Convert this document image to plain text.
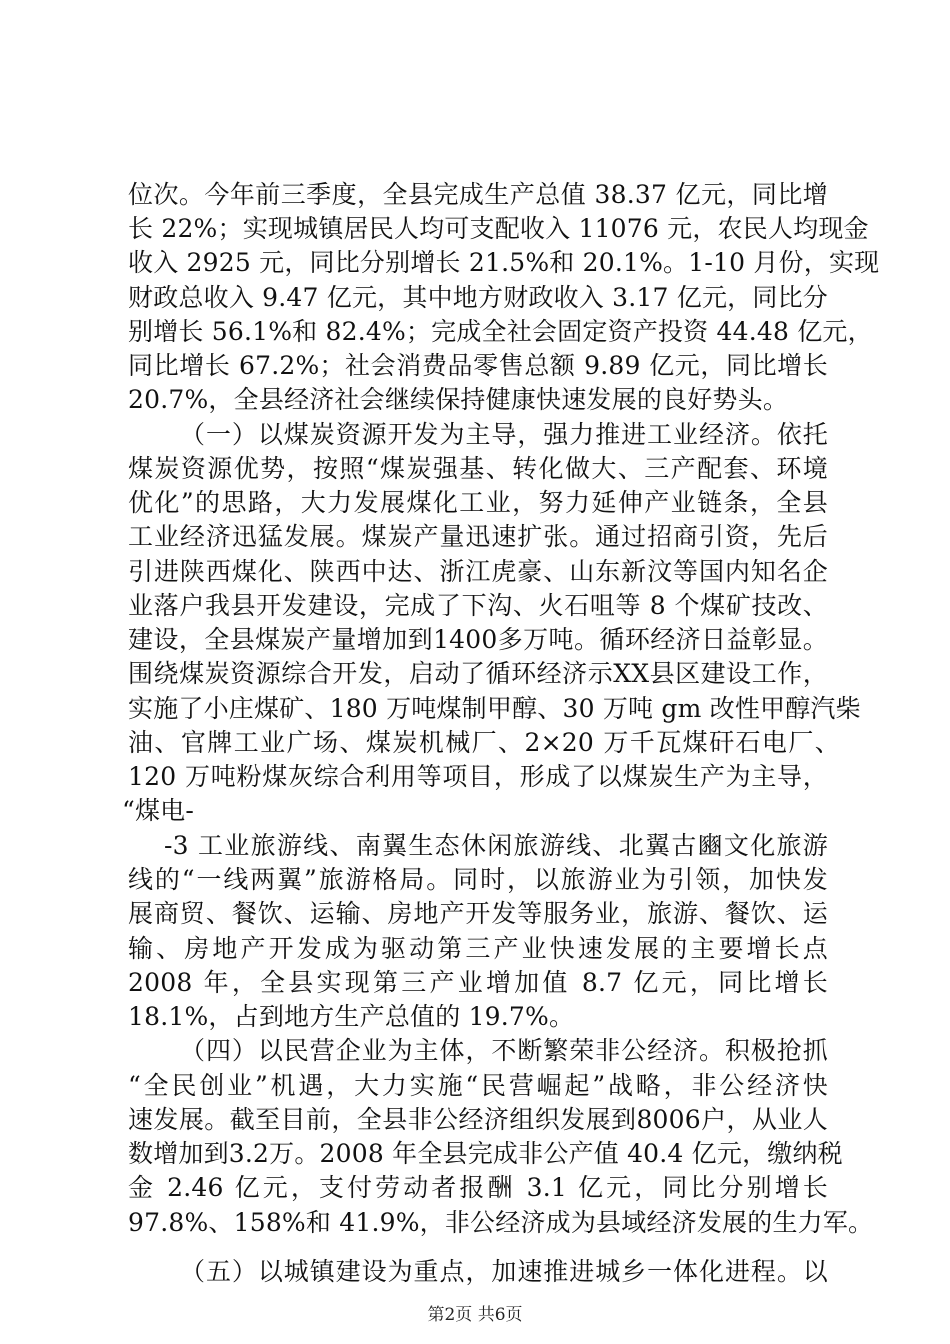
位次。今年前三季度，全县完成生产总值 38.37 亿元，同比增
长 22%；实现城镇居民人均可支配收入 11076 元，农民人均现金
收入 2925 元，同比分别增长 21.5%和 20.1%。1-10 月份，实现
财政总收入 9.47 亿元，其中地方财政收入 3.17 亿元，同比分
别增长 56.1%和 82.4%；完成全社会固定资产投资 44.48 亿元，
同比增长 67.2%；社会消费品零售总额 9.89 亿元，同比增长
20.7%，全县经济社会继续保持健康快速发展的良好势头。
（一）以煤炭资源开发为主导，强力推进工业经济。依托
煤炭资源优势，按照“煤炭强基、转化做大、三产配套、环境
优化”的思路，大力发展煤化工业，努力延伸产业链条，全县
工业经济迅猛发展。煤炭产量迅速扩张。通过招商引资，先后
引进陕西煤化、陕西中达、浙江虎豪、山东新汶等国内知名企
业落户我县开发建设，完成了下沟、火石咀等 8 个煤矿技改、
建设，全县煤炭产量增加到1400多万吨。循环经济日益彰显。
围绕煤炭资源综合开发，启动了循环经济示XX县区建设工作，
实施了小庄煤矿、180 万吨煤制甲醇、30 万吨 gm 改性甲醇汽柴
油、官牌工业广场、煤炭机械厂、2×20 万千瓦煤矸石电厂、
120 万吨粉煤灰综合利用等项目，形成了以煤炭生产为主导，
“煤电-
-3 工业旅游线、南翼生态休闲旅游线、北翼古豳文化旅游
线的“一线两翼”旅游格局。同时，以旅游业为引领，加快发
展商贸、餐饮、运输、房地产开发等服务业，旅游、餐饮、运
输、房地产开发成为驱动第三产业快速发展的主要增长点
2008 年，全县实现第三产业增加值 8.7 亿元，同比增长
18.1%，占到地方生产总值的 19.7%。
（四）以民营企业为主体，不断繁荣非公经济。积极抢抓
“全民创业”机遇，大力实施“民营崛起”战略，非公经济快
速发展。截至目前，全县非公经济组织发展到8006户，从业人
数增加到3.2万。2008 年全县完成非公产值 40.4 亿元，缴纳税
金 2.46 亿元，支付劳动者报酬 3.1 亿元，同比分别增长
97.8%、158%和 41.9%，非公经济成为县域经济发展的生力军。
（五）以城镇建设为重点，加速推进城乡一体化进程。以
第2页 共6页
